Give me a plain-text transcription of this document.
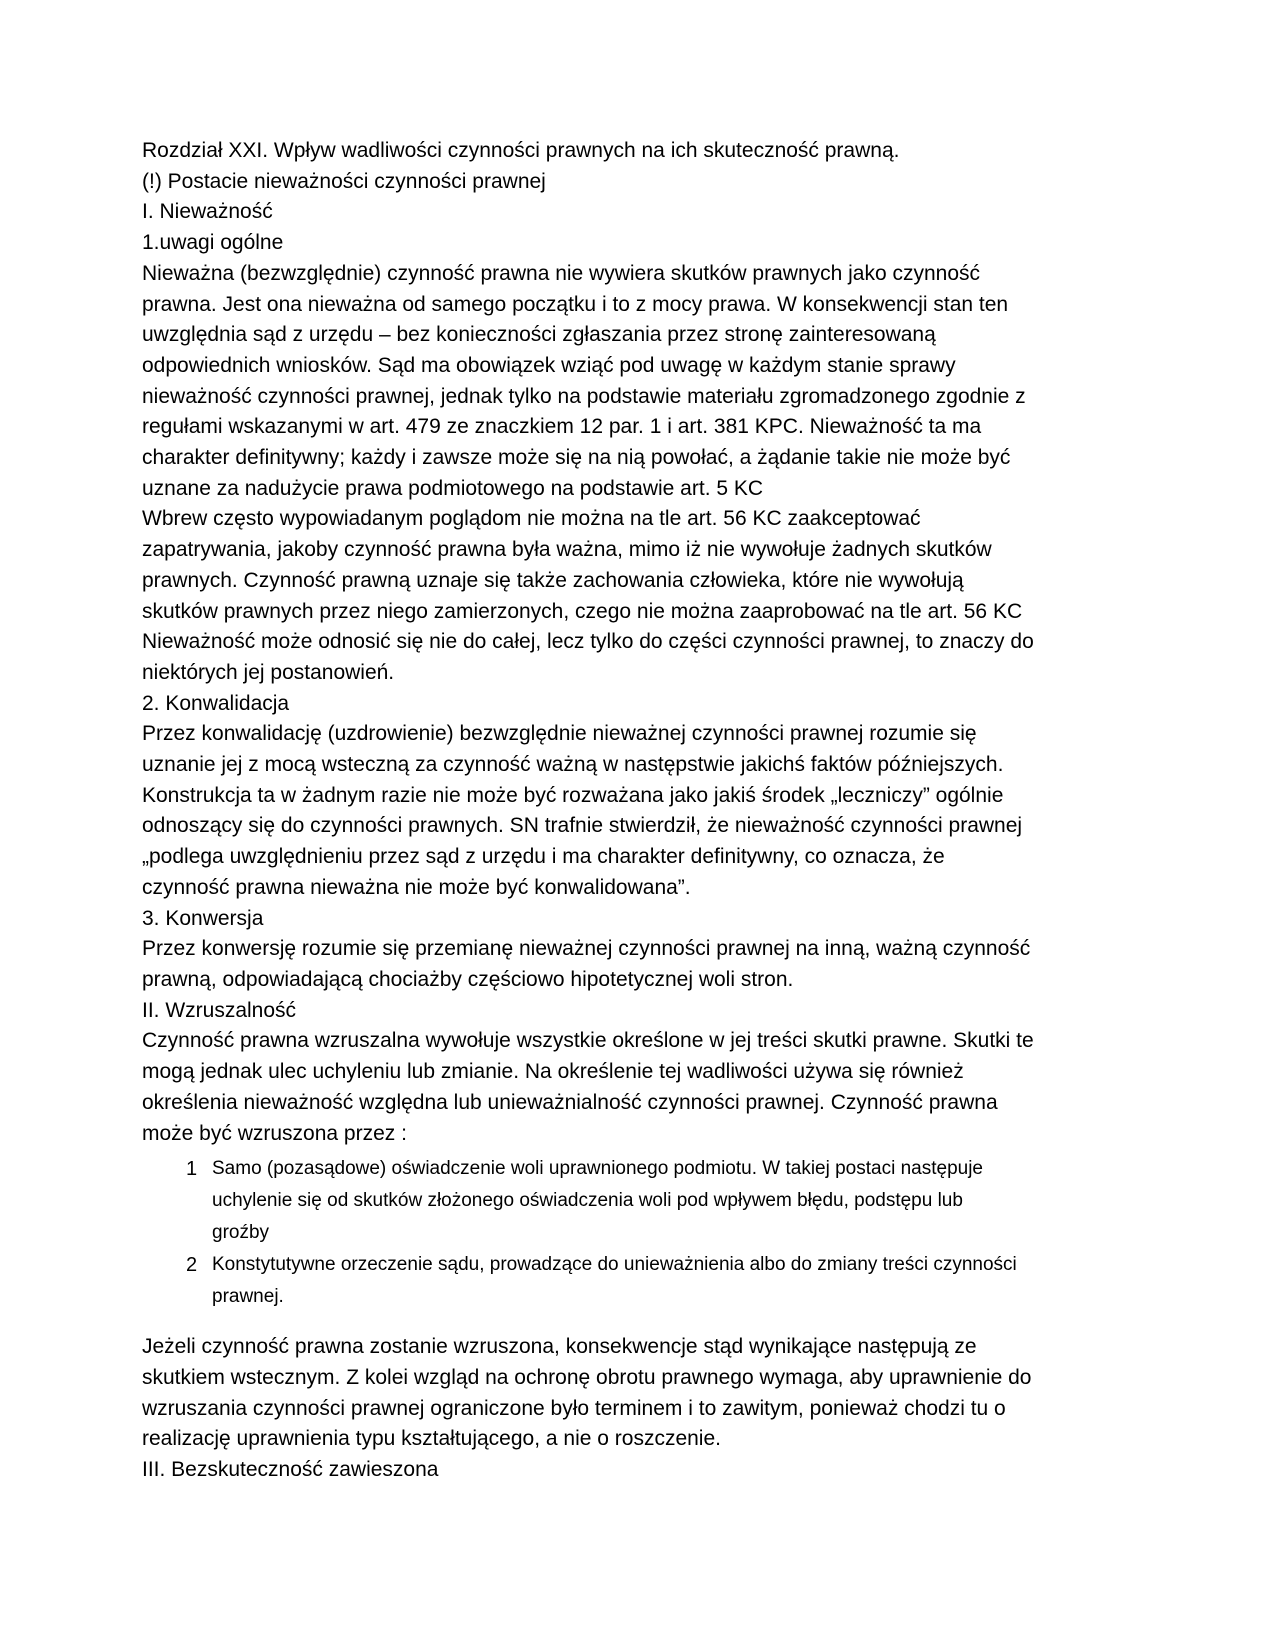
Rozdział XXI. Wpływ wadliwości czynności prawnych na ich skuteczność prawną.

(!) Postacie nieważności czynności prawnej

I. Nieważność

1.uwagi ogólne

Nieważna (bezwzględnie) czynność prawna nie wywiera skutków prawnych jako czynność

prawna. Jest ona nieważna od samego początku i to z mocy prawa. W konsekwencji stan ten

uwzględnia sąd z urzędu – bez konieczności zgłaszania przez stronę zainteresowaną

odpowiednich wniosków. Sąd ma obowiązek wziąć pod uwagę w każdym stanie sprawy

nieważność czynności prawnej, jednak tylko na podstawie materiału zgromadzonego zgodnie z

regułami wskazanymi w art. 479 ze znaczkiem 12 par. 1 i art. 381 KPC. Nieważność ta ma

charakter definitywny; każdy i zawsze może się na nią powołać, a żądanie takie nie może być

uznane za nadużycie prawa podmiotowego na podstawie art. 5 KC

Wbrew często wypowiadanym poglądom nie można na tle art. 56 KC zaakceptować

zapatrywania, jakoby czynność prawna była ważna, mimo iż nie wywołuje żadnych skutków

prawnych. Czynność prawną uznaje się także zachowania człowieka, które nie wywołują

skutków prawnych przez niego zamierzonych, czego nie można zaaprobować na tle art. 56 KC

Nieważność może odnosić się nie do całej, lecz tylko do części czynności prawnej, to znaczy do

niektórych jej postanowień.

2. Konwalidacja

Przez konwalidację (uzdrowienie) bezwzględnie nieważnej czynności prawnej rozumie się

uznanie jej z mocą wsteczną za czynność ważną w następstwie jakichś faktów późniejszych.

Konstrukcja ta w żadnym razie nie może być rozważana jako jakiś środek „leczniczy” ogólnie

odnoszący się do czynności prawnych. SN trafnie stwierdził, że nieważność czynności prawnej

„podlega uwzględnieniu przez sąd z urzędu i ma charakter definitywny, co oznacza, że

czynność prawna nieważna nie może być konwalidowana”.

3. Konwersja

Przez konwersję rozumie się przemianę nieważnej czynności prawnej na inną, ważną czynność

prawną, odpowiadającą chociażby częściowo hipotetycznej woli stron.

II. Wzruszalność

Czynność prawna wzruszalna wywołuje wszystkie określone w jej treści skutki prawne. Skutki te

mogą jednak ulec uchyleniu lub zmianie. Na określenie tej wadliwości używa się również

określenia nieważność względna lub unieważnialność czynności prawnej. Czynność prawna

może być wzruszona przez :

1 Samo (pozasądowe) oświadczenie woli uprawnionego podmiotu. W takiej postaci następuje

uchylenie się od skutków złożonego oświadczenia woli pod wpływem błędu, podstępu lub

groźby

2 Konstytutywne orzeczenie sądu, prowadzące do unieważnienia albo do zmiany treści czynności

prawnej.

Jeżeli czynność prawna zostanie wzruszona, konsekwencje stąd wynikające następują ze

skutkiem wstecznym. Z kolei wzgląd na ochronę obrotu prawnego wymaga, aby uprawnienie do

wzruszania czynności prawnej ograniczone było terminem i to zawitym, ponieważ chodzi tu o

realizację uprawnienia typu kształtującego, a nie o roszczenie.

III. Bezskuteczność zawieszona
